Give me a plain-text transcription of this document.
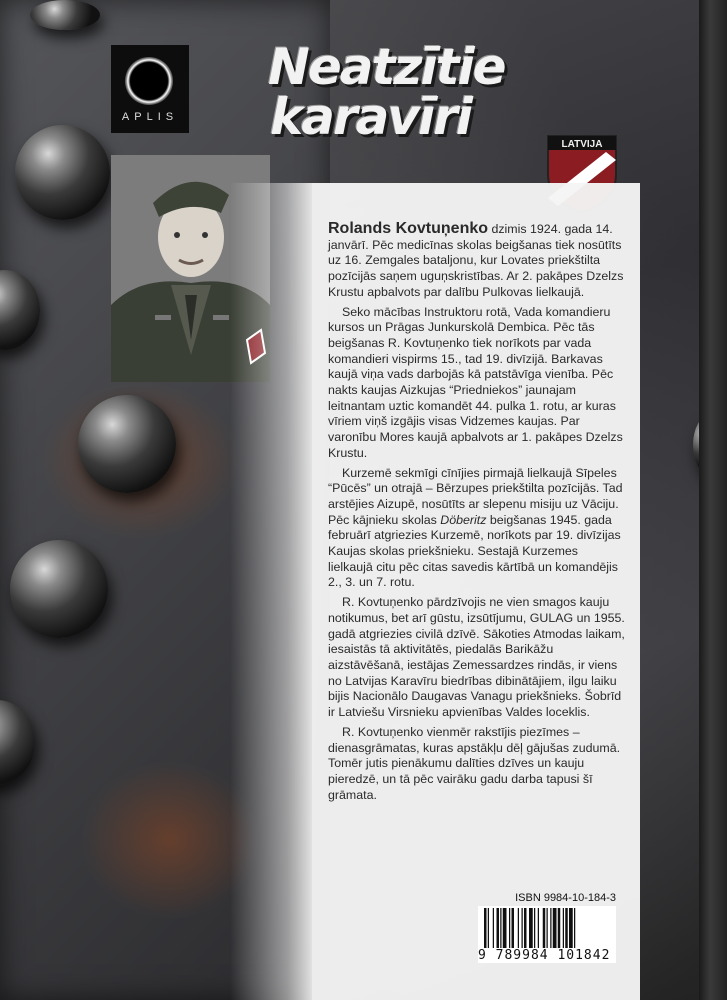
APLIS
Neatzītie
karavīri	LATVIJA

Rolands Kovtuņenko dzimis 1924. gada 14. janvārī. Pēc medicīnas skolas beigšanas tiek nosūtīts uz 16. Zemgales bataljonu, kur Lovates priekštilta pozīcijās saņem uguņskristības. Ar 2. pakāpes Dzelzs Krustu apbalvots par dalību Pulkovas lielkaujā.

Seko mācības Instruktoru rotā, Vada komandieru kursos un Prāgas Junkurskolā Dembica. Pēc tās beigšanas R. Kovtuņenko tiek norīkots par vada komandieri vispirms 15., tad 19. divīzijā. Barkavas kaujā viņa vads darbojās kā patstāvīga vienība. Pēc nakts kaujas Aizkujas “Priedniekos” jaunajam leitnantam uztic komandēt 44. pulka 1. rotu, ar kuras vīriem viņš izgājis visas Vidzemes kaujas. Par varonību Mores kaujā apbalvots ar 1. pakāpes Dzelzs Krustu.

Kurzemē sekmīgi cīnījies pirmajā lielkaujā Sīpeles “Pūcēs” un otrajā – Bērzupes priekštilta pozīcijās. Tad arstējies Aizupē, nosūtīts ar slepenu misiju uz Vāciju. Pēc kājnieku skolas Döberitz beigšanas 1945. gada februārī atgriezies Kurzemē, norīkots par 19. divīzijas Kaujas skolas priekšnieku. Sestajā Kurzemes lielkaujā citu pēc citas savedis kārtībā un komandējis 2., 3. un 7. rotu.

R. Kovtuņenko pārdzīvojis ne vien smagos kauju notikumus, bet arī gūstu, izsūtījumu, GULAG un 1955. gadā atgriezies civilā dzīvē. Sākoties Atmodas laikam, iesaistās tā aktivitātēs, piedalās Barikāžu aizstāvēšanā, iestājas Zemessardzes rindās, ir viens no Latvijas Karavīru biedrības dibinātājiem, ilgu laiku bijis Nacionālo Daugavas Vanagu priekšnieks. Šobrīd ir Latviešu Virsnieku apvienības Valdes loceklis.

R. Kovtuņenko vienmēr rakstījis piezīmes – dienasgrāmatas, kuras apstākļu dēļ gājušas zudumā. Tomēr jutis pienākumu dalīties dzīves un kauju pieredzē, un tā pēc vairāku gadu darba tapusi šī grāmata.

ISBN 9984-10-184-3
9 789984 101842
